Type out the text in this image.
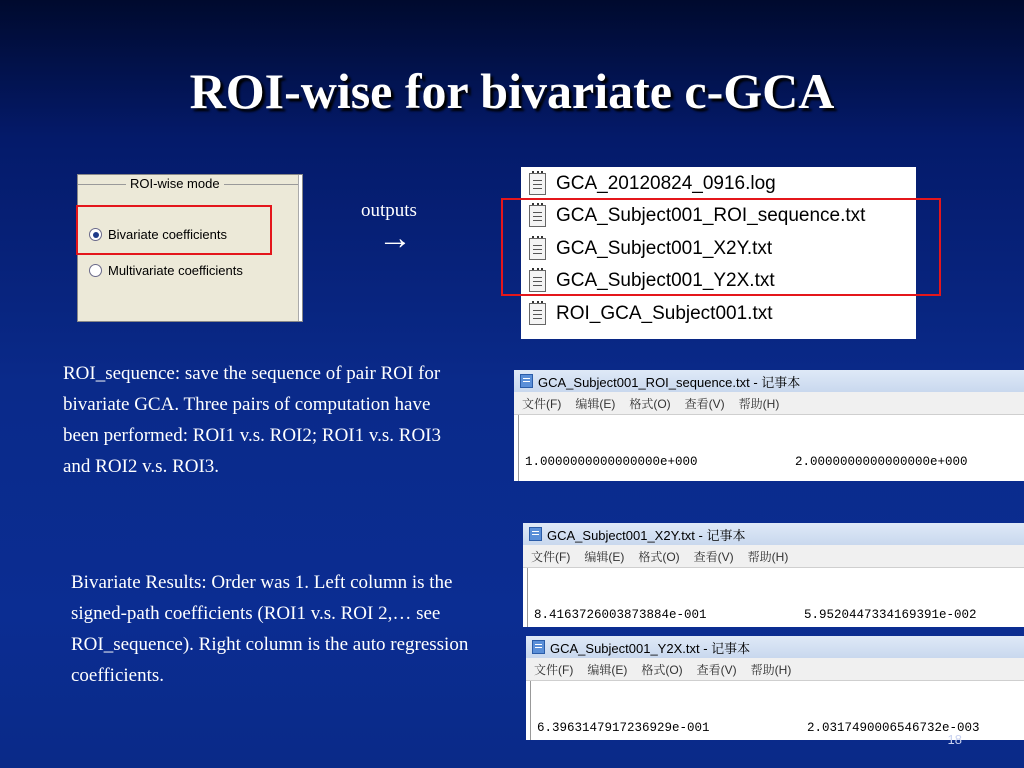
ROI-wise for bivariate c-GCA
ROI-wise mode
Bivariate coefficients
Multivariate coefficients
outputs
→
GCA_20120824_0916.log
GCA_Subject001_ROI_sequence.txt
GCA_Subject001_X2Y.txt
GCA_Subject001_Y2X.txt
ROI_GCA_Subject001.txt
ROI_sequence: save the sequence of pair ROI for bivariate GCA. Three pairs of computation have been performed: ROI1 v.s. ROI2; ROI1 v.s. ROI3 and ROI2 v.s. ROI3.
Bivariate Results: Order was 1. Left column is the signed-path coefficients (ROI1 v.s. ROI 2,… see ROI_sequence). Right column is the auto regression coefficients.
GCA_Subject001_ROI_sequence.txt - 记事本
文件(F) 编辑(E) 格式(O) 查看(V) 帮助(H)

1.0000000000000000e+000	2.0000000000000000e+000

GCA_Subject001_X2Y.txt - 记事本
文件(F) 编辑(E) 格式(O) 查看(V) 帮助(H)

8.4163726003873884e-001	5.9520447334169391e-002

GCA_Subject001_Y2X.txt - 记事本
文件(F) 编辑(E) 格式(O) 查看(V) 帮助(H)

6.3963147917236929e-001	2.0317490006546732e-003

18
